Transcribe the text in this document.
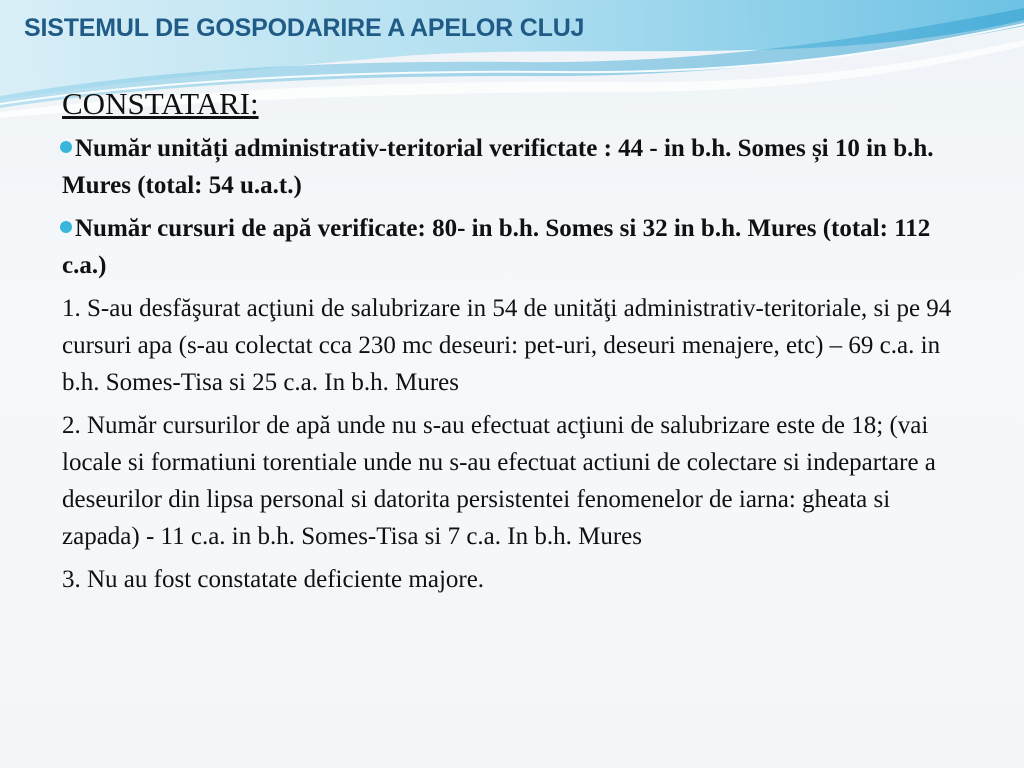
SISTEMUL DE GOSPODARIRE A APELOR CLUJ
CONSTATARI:
Număr unități administrativ-teritorial verifictate : 44 - in b.h. Somes și 10 in b.h. Mures (total: 54 u.a.t.)
Număr cursuri de apă verificate: 80- in b.h. Somes si 32 in b.h. Mures (total: 112 c.a.)
1. S-au desfăşurat acţiuni de salubrizare in 54 de unităţi administrativ-teritoriale, si pe 94 cursuri apa (s-au colectat cca 230 mc deseuri: pet-uri, deseuri menajere, etc) – 69 c.a. in b.h. Somes-Tisa si 25 c.a. In b.h. Mures
2. Număr cursurilor de apă unde nu s-au efectuat acţiuni de salubrizare este de 18; (vai locale si formatiuni torentiale unde nu s-au efectuat actiuni de colectare si indepartare a deseurilor din lipsa personal si datorita persistentei fenomenelor de iarna: gheata si zapada) - 11 c.a. in b.h. Somes-Tisa si 7 c.a. In b.h. Mures
3. Nu au fost constatate deficiente majore.
